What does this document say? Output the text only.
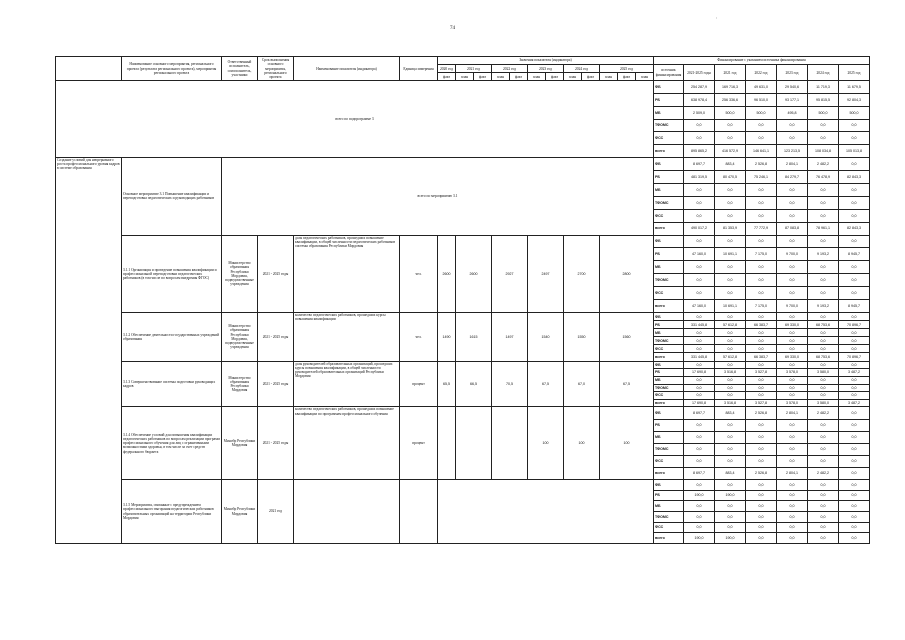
74
'
	Наименование основного мероприятия, регионального проекта (результата регионального проекта), мероприятия регионального проекта	Ответственный исполнитель, соисполнитель, участники	Срок выполнения основного мероприятия, регионального проекта	Наименование показателя (индикатора)	Единица измерения	Значения показателя (индикатора)												Финансирование с указанием источника финансирования						
						2020 год	2021 год		2022 год		2023 год		2024 год		2025 год			источник финансирования	2021-2025 годы	2021 год	2022 год	2023 год	2024 год	2025 год
						факт	план	факт	план	факт	план	факт	план	факт	план	факт	план							
всего по подпрограмме 3																		ФБ	254 287,9	169 716,3	49 631,0	29 540,6	11 719,3	11 679,5
																		РБ	638 978,4	256 336,6	96 510,0	93 177,1	95 815,5	92 804,3
																		МБ	2 509,0	500,0	500,0	495,8	500,0	500,0
																		ТФОМС	0,0	0,0	0,0	0,0	0,0	0,0
																		ФСС	0,0	0,0	0,0	0,0	0,0	0,0
																		всего	895 865,2	416 572,9	146 641,1	123 213,5	108 034,8	105 013,8
Создание условий для непрерывного роста профессионального уровня кадров в системе образования	Основное мероприятие 3.1 Повышение квалификации и переподготовка педагогических и руководящих работников	всего по мероприятию 3.1																ФБ	8 697,7	883,4	2 526,8	2 804,1	2 482,2	0,0
																		РБ	481 319,5	80 470,5	75 246,1	84 279,7	76 478,9	82 843,3
																		МБ	0,0	0,0	0,0	0,0	0,0	0,0
																		ТФОМС	0,0	0,0	0,0	0,0	0,0	0,0
																		ФСС	0,0	0,0	0,0	0,0	0,0	0,0
																		всего	490 017,2	81 353,9	77 772,9	87 083,8	78 961,1	82 843,3
	3.1.1 Организация и проведение повышения квалификации и профессиональной переподготовки педагогических работников (в том числе по вопросам внедрения ФГОС)	Министерство образования Республики Мордовия, подведомственные учреждения	2021 - 2025 годы	доля педагогических работников, прошедших повышение квалификации, в общей численности педагогических работников системы образования Республики Мордовия	чел.	2600	2600		2927		2497		2700		2800			ФБ	0,0	0,0	0,0	0,0	0,0	0,0
																		РБ	47 160,0	10 691,1	7 175,0	9 700,0	9 193,2	8 945,7
																		МБ	0,0	0,0	0,0	0,0	0,0	0,0
																		ТФОМС	0,0	0,0	0,0	0,0	0,0	0,0
																		ФСС	0,0	0,0	0,0	0,0	0,0	0,0
																		всего	47 160,0	10 691,1	7 175,0	9 700,0	9 193,2	8 945,7
	3.1.2 Обеспечение деятельности государственных учреждений образования	Министерство образования Республики Мордовия, подведомственные учреждения	2021 - 2025 годы	количество педагогических работников, прошедших курсы повышения квалификации	чел.	1490	1615		1497		1540		1550		1560			ФБ	0,0	0,0	0,0	0,0	0,0	0,0
																		РБ	331 445,8	57 612,8	66 383,7	69 330,0	68 753,6	70 896,7
																		МБ	0,0	0,0	0,0	0,0	0,0	0,0
																		ТФОМС	0,0	0,0	0,0	0,0	0,0	0,0
																		ФСС	0,0	0,0	0,0	0,0	0,0	0,0
																		всего	331 445,8	57 612,8	66 383,7	69 330,0	68 753,6	70 896,7
	3.1.3 Совершенствование системы подготовки руководящих кадров	Министерство образования Республики Мордовия	2021 - 2025 годы	доля руководителей образовательных организаций, прошедших курсы повышения квалификации, в общей численности руководителей образовательных организаций Республики Мордовия	процент	65,5	66,5		70,5		67,5		67,0		67,5			ФБ	0,0	0,0	0,0	0,0	0,0	0,0
																		РБ	17 690,8	3 516,8	3 527,8	3 578,0	3 580,0	3 487,2
																		МБ	0,0	0,0	0,0	0,0	0,0	0,0
																		ТФОМС	0,0	0,0	0,0	0,0	0,0	0,0
																		ФСС	0,0	0,0	0,0	0,0	0,0	0,0
																		всего	17 690,8	3 516,8	3 527,8	3 578,0	3 580,0	3 487,2
	3.1.4 Обеспечение условий для повышения квалификации педагогических работников по вопросам реализации программ профессионального обучения для лиц с ограниченными возможностями здоровья, в том числе за счет средств федерального бюджета	Минобр Республики Мордовия	2021 - 2025 годы	количество педагогических работников, прошедших повышение квалификации по программам профессионального обучения	процент						100		100		100			ФБ	8 697,7	883,4	2 526,8	2 804,1	2 482,2	0,0
																		РБ	0,0	0,0	0,0	0,0	0,0	0,0
																		МБ	0,0	0,0	0,0	0,0	0,0	0,0
																		ТФОМС	0,0	0,0	0,0	0,0	0,0	0,0
																		ФСС	0,0	0,0	0,0	0,0	0,0	0,0
																		всего	8 697,7	883,4	2 526,8	2 804,1	2 482,2	0,0
	3.1.5 Мероприятия, связанные с предупреждением профессионального выгорания педагогических работников образовательных организаций на территории Республики Мордовия	Минобр Республики Мордовия	2021 год															ФБ	0,0	0,0	0,0	0,0	0,0	0,0
																		РБ	190,0	190,0	0,0	0,0	0,0	0,0
																		МБ	0,0	0,0	0,0	0,0	0,0	0,0
																		ТФОМС	0,0	0,0	0,0	0,0	0,0	0,0
																		ФСС	0,0	0,0	0,0	0,0	0,0	0,0
																		всего	190,0	190,0	0,0	0,0	0,0	0,0
